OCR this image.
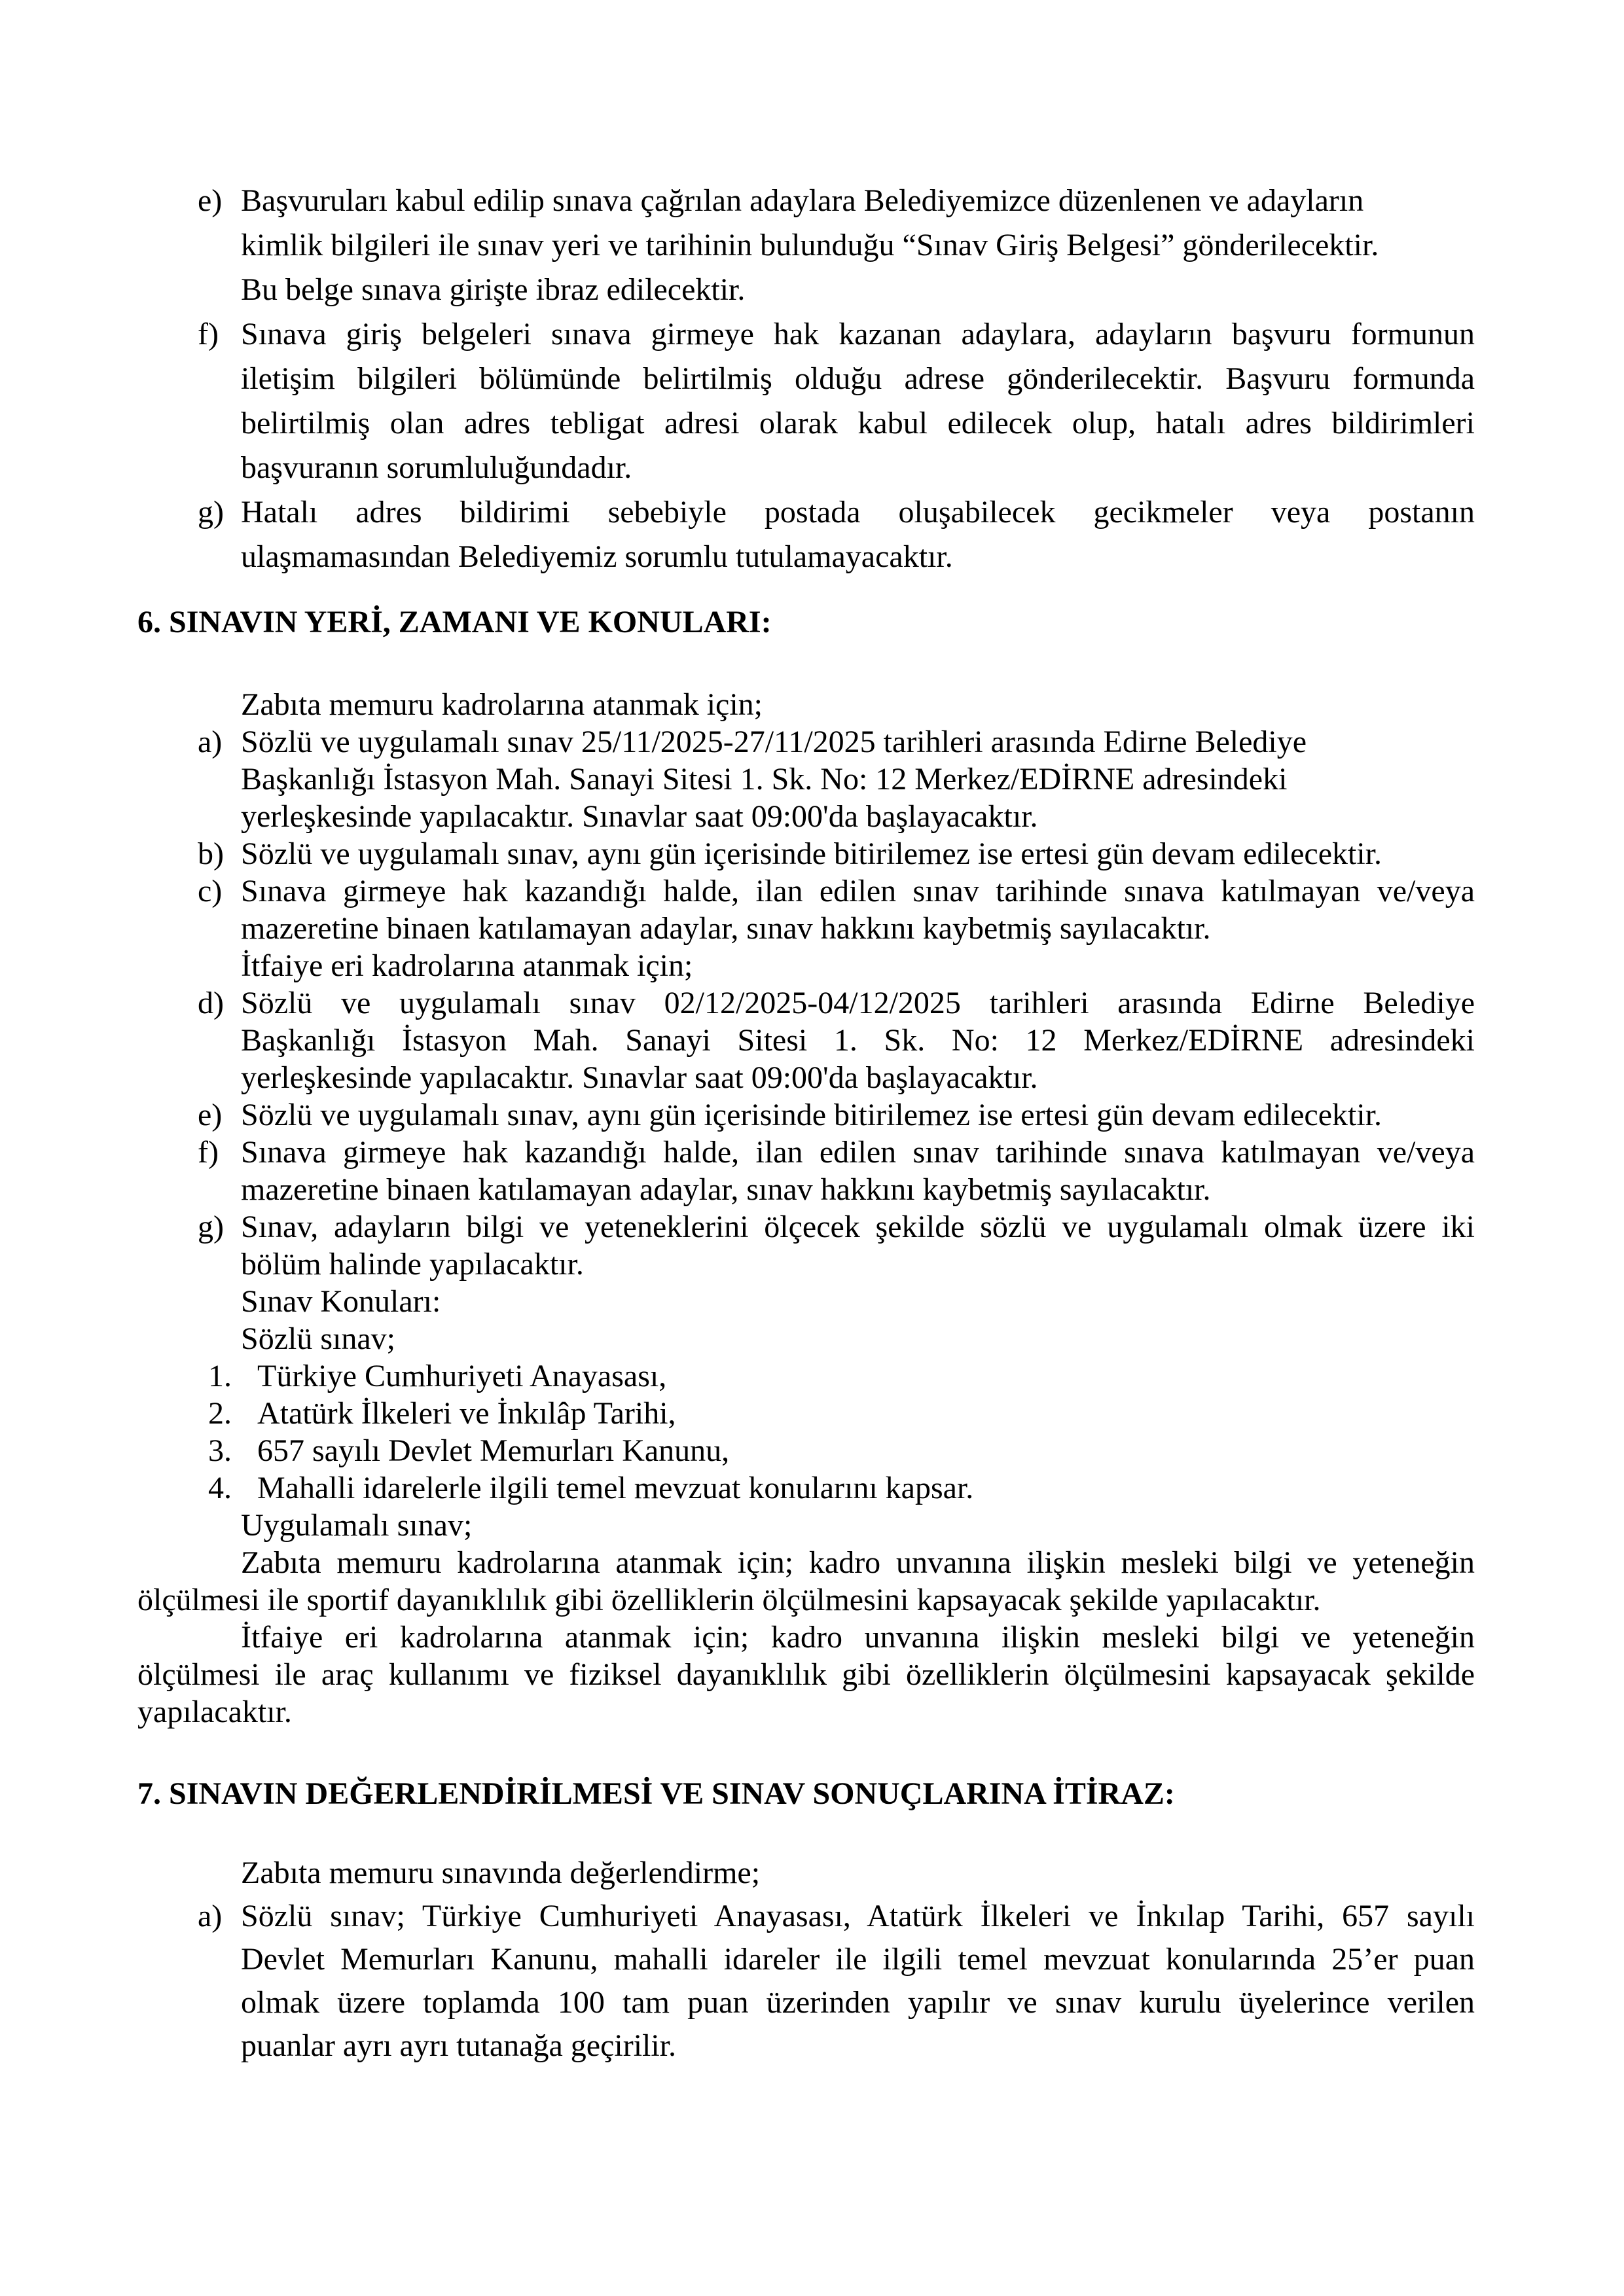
e) Başvuruları kabul edilip sınava çağrılan adaylara Belediyemizce düzenlenen ve adayların
kimlik bilgileri ile sınav yeri ve tarihinin bulunduğu “Sınav Giriş Belgesi” gönderilecektir.
Bu belge sınava girişte ibraz edilecektir.
f) Sınava giriş belgeleri sınava girmeye hak kazanan adaylara, adayların başvuru formunun
iletişim bilgileri bölümünde belirtilmiş olduğu adrese gönderilecektir. Başvuru formunda
belirtilmiş olan adres tebligat adresi olarak kabul edilecek olup, hatalı adres bildirimleri
başvuranın sorumluluğundadır.
g) Hatalı adres bildirimi sebebiyle postada oluşabilecek gecikmeler veya postanın
ulaşmamasından Belediyemiz sorumlu tutulamayacaktır.
6. SINAVIN YERİ, ZAMANI VE KONULARI:
Zabıta memuru kadrolarına atanmak için;
a) Sözlü ve uygulamalı sınav 25/11/2025-27/11/2025 tarihleri arasında Edirne Belediye
Başkanlığı İstasyon Mah. Sanayi Sitesi 1. Sk. No: 12 Merkez/EDİRNE adresindeki
yerleşkesinde yapılacaktır. Sınavlar saat 09:00'da başlayacaktır.
b) Sözlü ve uygulamalı sınav, aynı gün içerisinde bitirilemez ise ertesi gün devam edilecektir.
c) Sınava girmeye hak kazandığı halde, ilan edilen sınav tarihinde sınava katılmayan ve/veya
mazeretine binaen katılamayan adaylar, sınav hakkını kaybetmiş sayılacaktır.
İtfaiye eri kadrolarına atanmak için;
d) Sözlü ve uygulamalı sınav 02/12/2025-04/12/2025 tarihleri arasında Edirne Belediye
Başkanlığı İstasyon Mah. Sanayi Sitesi 1. Sk. No: 12 Merkez/EDİRNE adresindeki
yerleşkesinde yapılacaktır. Sınavlar saat 09:00'da başlayacaktır.
e) Sözlü ve uygulamalı sınav, aynı gün içerisinde bitirilemez ise ertesi gün devam edilecektir.
f) Sınava girmeye hak kazandığı halde, ilan edilen sınav tarihinde sınava katılmayan ve/veya
mazeretine binaen katılamayan adaylar, sınav hakkını kaybetmiş sayılacaktır.
g) Sınav, adayların bilgi ve yeteneklerini ölçecek şekilde sözlü ve uygulamalı olmak üzere iki
bölüm halinde yapılacaktır.
Sınav Konuları:
Sözlü sınav;
1. Türkiye Cumhuriyeti Anayasası,
2. Atatürk İlkeleri ve İnkılâp Tarihi,
3. 657 sayılı Devlet Memurları Kanunu,
4. Mahalli idarelerle ilgili temel mevzuat konularını kapsar.
Uygulamalı sınav;
Zabıta memuru kadrolarına atanmak için; kadro unvanına ilişkin mesleki bilgi ve yeteneğin
ölçülmesi ile sportif dayanıklılık gibi özelliklerin ölçülmesini kapsayacak şekilde yapılacaktır.
İtfaiye eri kadrolarına atanmak için; kadro unvanına ilişkin mesleki bilgi ve yeteneğin
ölçülmesi ile araç kullanımı ve fiziksel dayanıklılık gibi özelliklerin ölçülmesini kapsayacak şekilde
yapılacaktır.
7. SINAVIN DEĞERLENDİRİLMESİ VE SINAV SONUÇLARINA İTİRAZ:
Zabıta memuru sınavında değerlendirme;
a) Sözlü sınav; Türkiye Cumhuriyeti Anayasası, Atatürk İlkeleri ve İnkılap Tarihi, 657 sayılı
Devlet Memurları Kanunu, mahalli idareler ile ilgili temel mevzuat konularında 25’er puan
olmak üzere toplamda 100 tam puan üzerinden yapılır ve sınav kurulu üyelerince verilen
puanlar ayrı ayrı tutanağa geçirilir.
